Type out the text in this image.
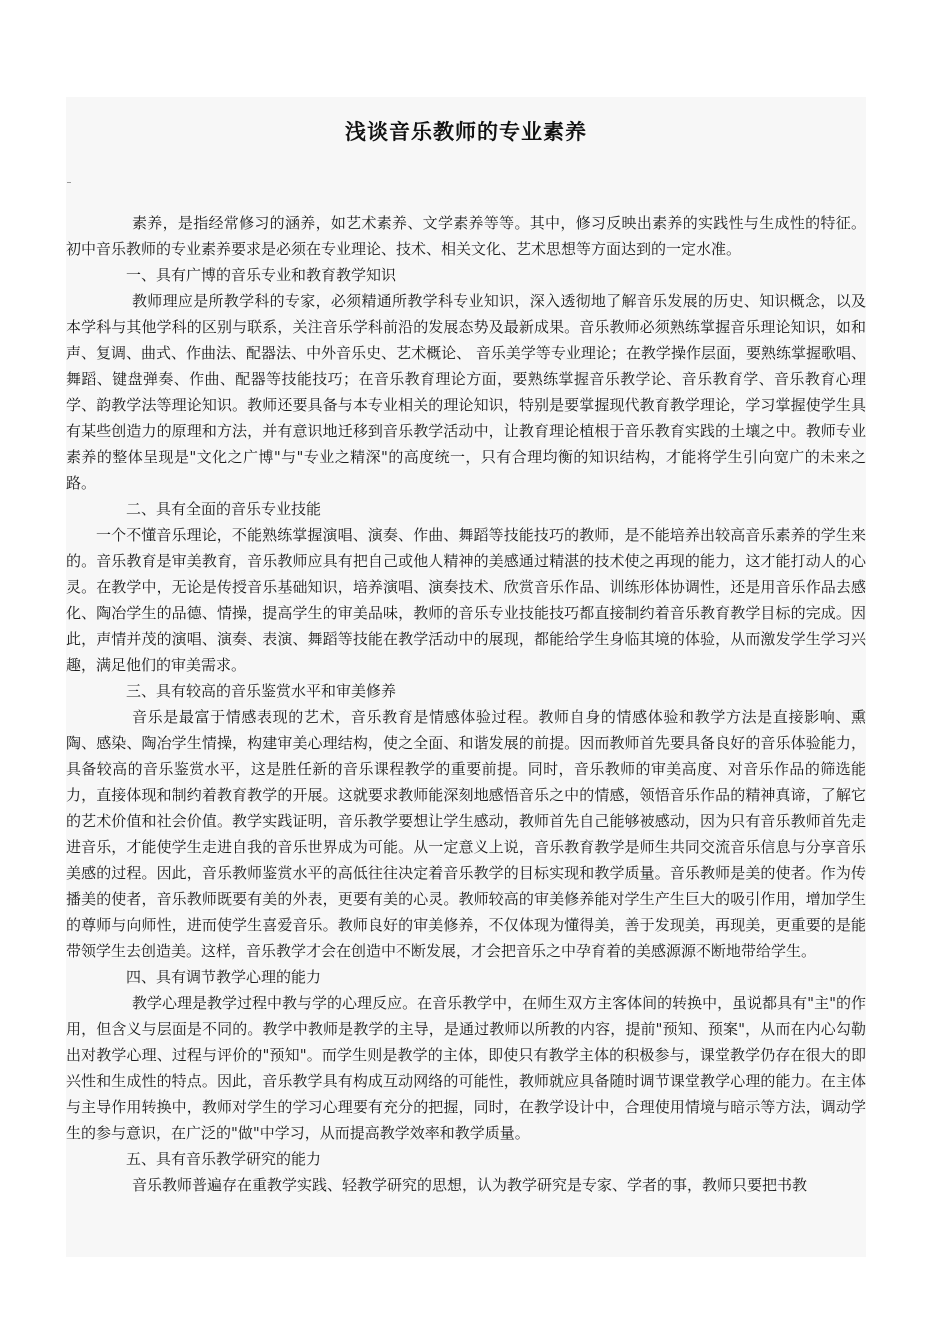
浅谈音乐教师的专业素养

素养，是指经常修习的涵养，如艺术素养、文学素养等等。其中，修习反映出素养的实践性与生成性的特征。初中音乐教师的专业素养要求是必须在专业理论、技术、相关文化、艺术思想等方面达到的一定水准。

一、具有广博的音乐专业和教育教学知识

教师理应是所教学科的专家，必须精通所教学科专业知识，深入透彻地了解音乐发展的历史、知识概念，以及本学科与其他学科的区别与联系，关注音乐学科前沿的发展态势及最新成果。音乐教师必须熟练掌握音乐理论知识，如和声、复调、曲式、作曲法、配器法、中外音乐史、艺术概论、 音乐美学等专业理论；在教学操作层面，要熟练掌握歌唱、舞蹈、键盘弹奏、作曲、配器等技能技巧；在音乐教育理论方面，要熟练掌握音乐教学论、音乐教育学、音乐教育心理学、韵教学法等理论知识。教师还要具备与本专业相关的理论知识，特别是要掌握现代教育教学理论，学习掌握使学生具有某些创造力的原理和方法，并有意识地迁移到音乐教学活动中，让教育理论植根于音乐教育实践的土壤之中。教师专业素养的整体呈现是"文化之广博"与"专业之精深"的高度统一，只有合理均衡的知识结构，才能将学生引向宽广的未来之路。

二、具有全面的音乐专业技能

一个不懂音乐理论，不能熟练掌握演唱、演奏、作曲、舞蹈等技能技巧的教师，是不能培养出较高音乐素养的学生来的。音乐教育是审美教育，音乐教师应具有把自己或他人精神的美感通过精湛的技术使之再现的能力，这才能打动人的心灵。在教学中，无论是传授音乐基础知识，培养演唱、演奏技术、欣赏音乐作品、训练形体协调性，还是用音乐作品去感化、陶冶学生的品德、情操，提高学生的审美品味，教师的音乐专业技能技巧都直接制约着音乐教育教学目标的完成。因此，声情并茂的演唱、演奏、表演、舞蹈等技能在教学活动中的展现，都能给学生身临其境的体验，从而激发学生学习兴趣，满足他们的审美需求。

三、具有较高的音乐鉴赏水平和审美修养

音乐是最富于情感表现的艺术，音乐教育是情感体验过程。教师自身的情感体验和教学方法是直接影响、熏陶、感染、陶冶学生情操，构建审美心理结构，使之全面、和谐发展的前提。因而教师首先要具备良好的音乐体验能力，具备较高的音乐鉴赏水平，这是胜任新的音乐课程教学的重要前提。同时，音乐教师的审美高度、对音乐作品的筛选能力，直接体现和制约着教育教学的开展。这就要求教师能深刻地感悟音乐之中的情感，领悟音乐作品的精神真谛，了解它的艺术价值和社会价值。教学实践证明，音乐教学要想让学生感动，教师首先自己能够被感动，因为只有音乐教师首先走进音乐，才能使学生走进自我的音乐世界成为可能。从一定意义上说，音乐教育教学是师生共同交流音乐信息与分享音乐美感的过程。因此，音乐教师鉴赏水平的高低往往决定着音乐教学的目标实现和教学质量。音乐教师是美的使者。作为传播美的使者，音乐教师既要有美的外表，更要有美的心灵。教师较高的审美修养能对学生产生巨大的吸引作用，增加学生的尊师与向师性，进而使学生喜爱音乐。教师良好的审美修养，不仅体现为懂得美，善于发现美，再现美，更重要的是能带领学生去创造美。这样，音乐教学才会在创造中不断发展，才会把音乐之中孕育着的美感源源不断地带给学生。

四、具有调节教学心理的能力

教学心理是教学过程中教与学的心理反应。在音乐教学中，在师生双方主客体间的转换中，虽说都具有"主"的作用，但含义与层面是不同的。教学中教师是教学的主导，是通过教师以所教的内容，提前"预知、预案"，从而在内心勾勒出对教学心理、过程与评价的"预知"。而学生则是教学的主体，即使只有教学主体的积极参与，课堂教学仍存在很大的即兴性和生成性的特点。因此，音乐教学具有构成互动网络的可能性，教师就应具备随时调节课堂教学心理的能力。在主体与主导作用转换中，教师对学生的学习心理要有充分的把握，同时，在教学设计中，合理使用情境与暗示等方法，调动学生的参与意识，在广泛的"做"中学习，从而提高教学效率和教学质量。

五、具有音乐教学研究的能力

音乐教师普遍存在重教学实践、轻教学研究的思想，认为教学研究是专家、学者的事，教师只要把书教
